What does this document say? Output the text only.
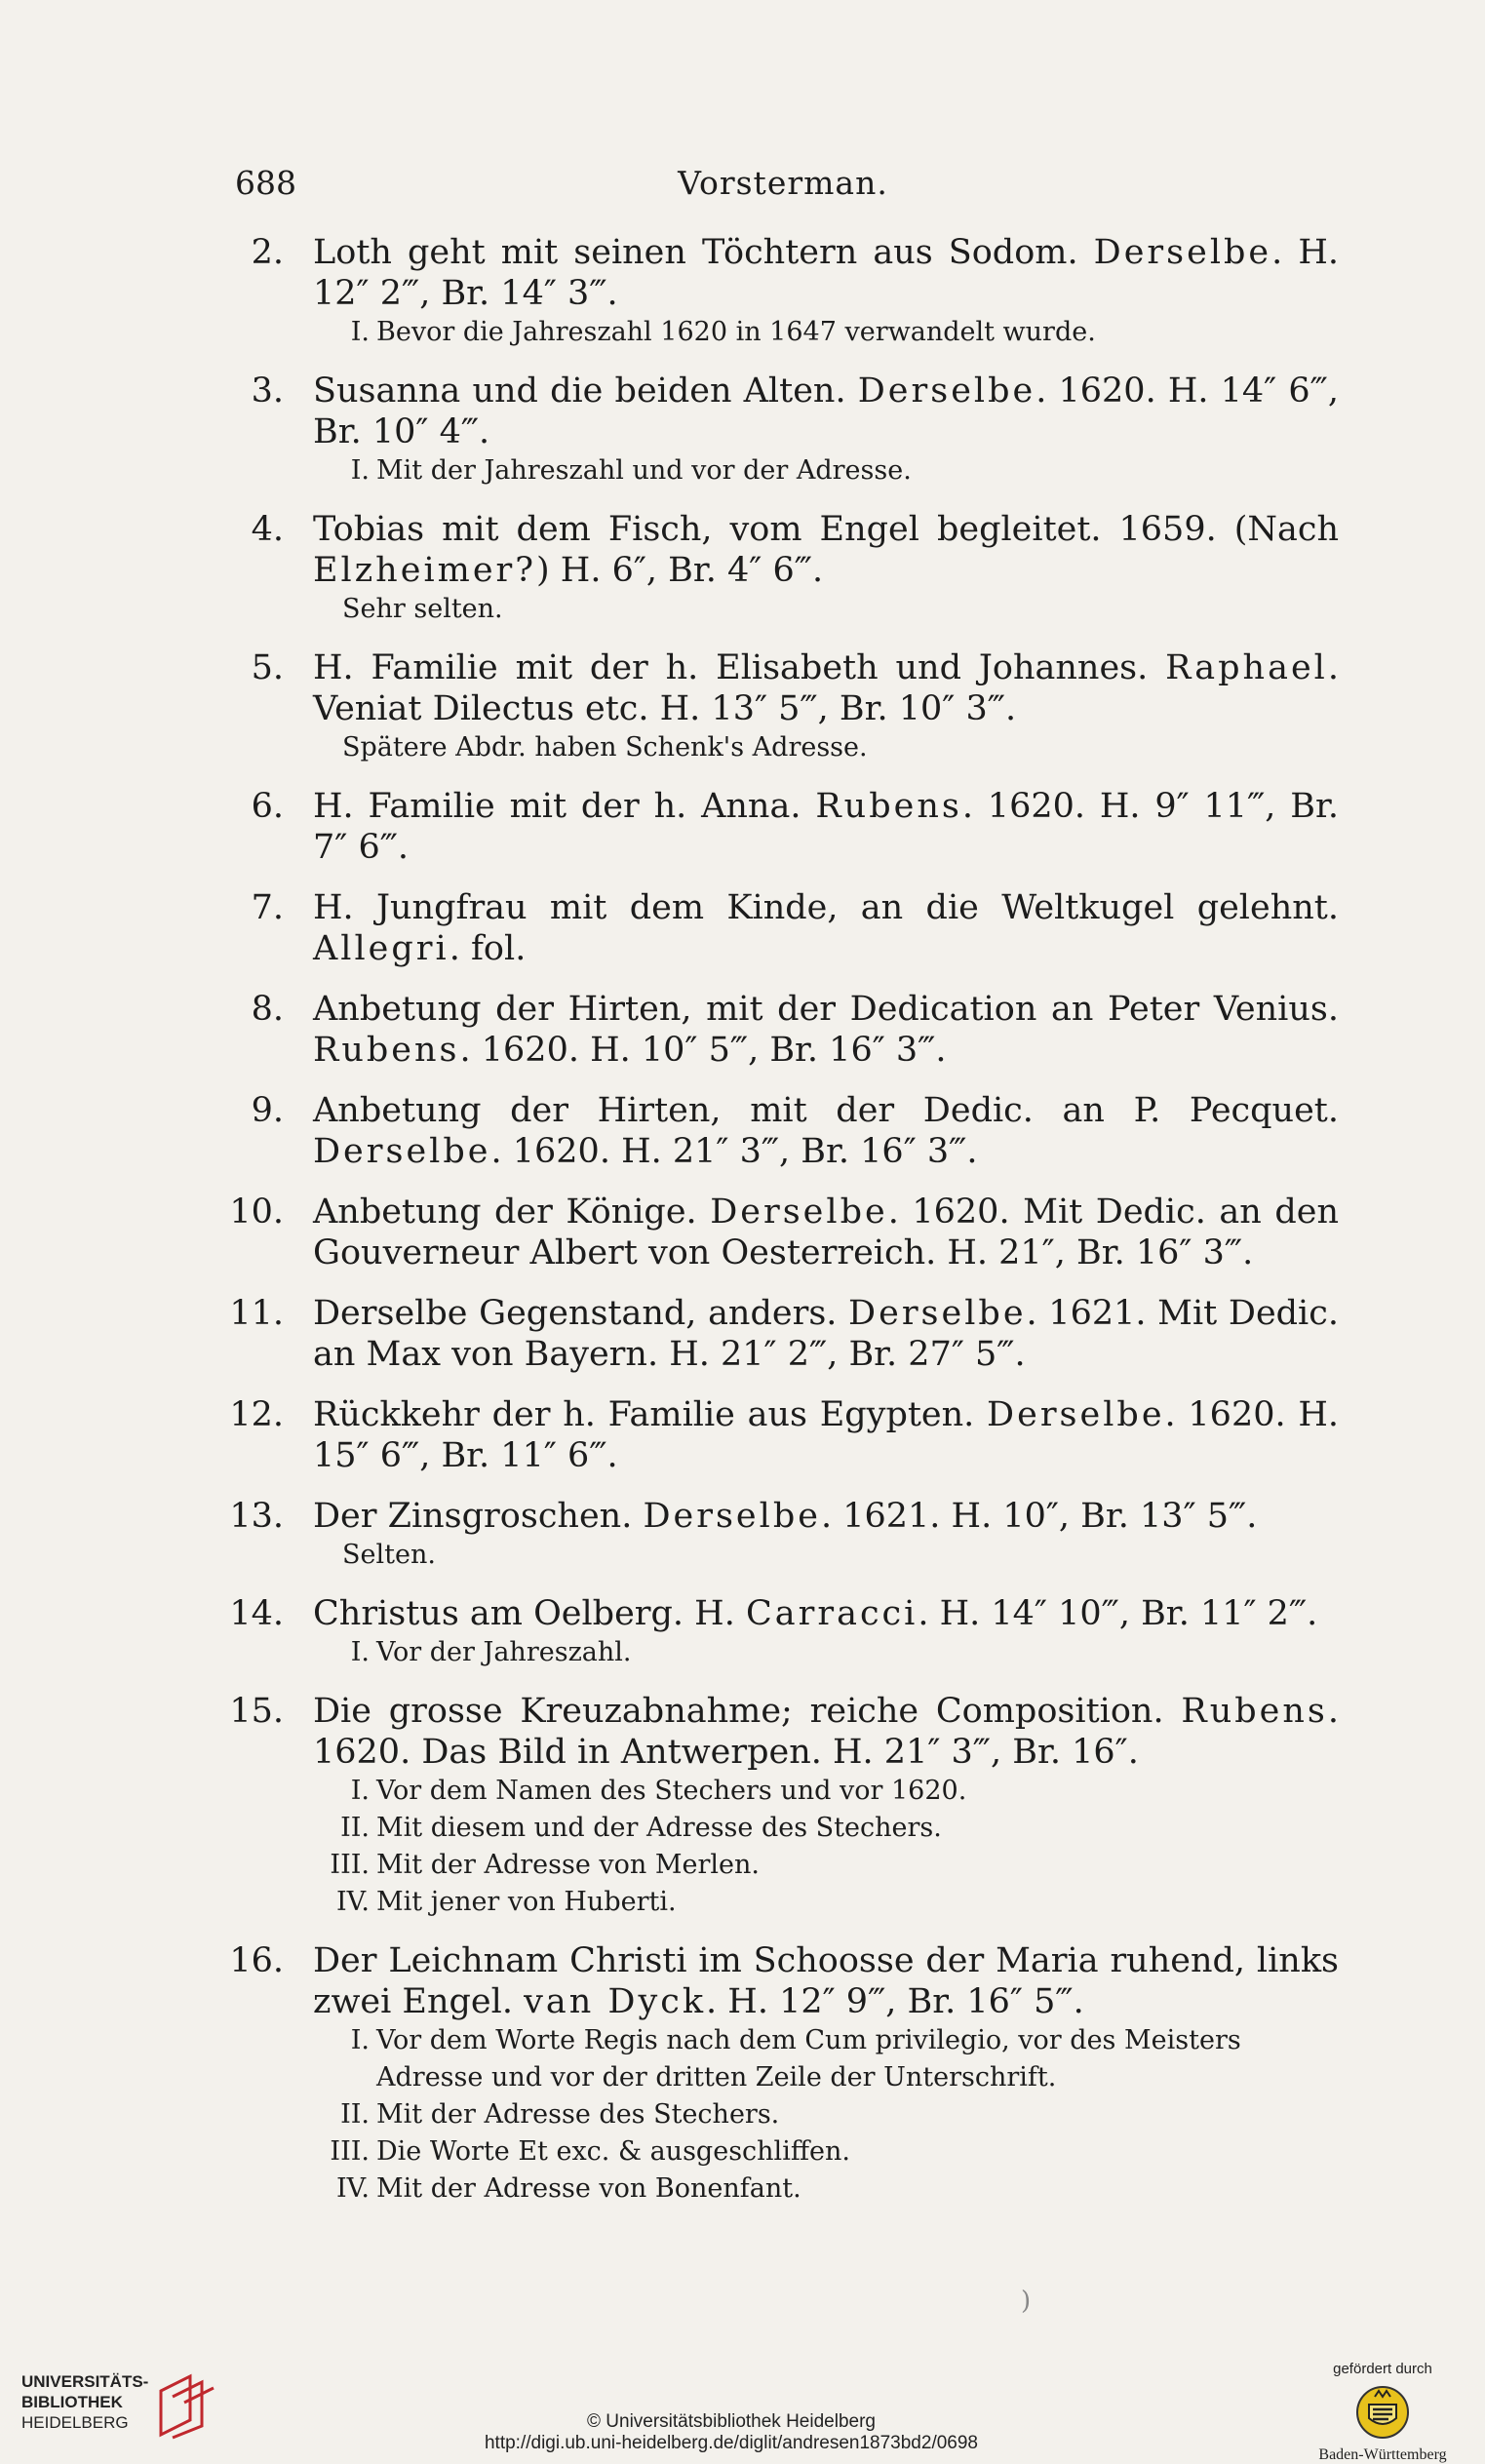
688	Vorsterman.
2. Loth geht mit seinen Töchtern aus Sodom. Derselbe. H. 12″ 2‴, Br. 14″ 3‴.
I. Bevor die Jahreszahl 1620 in 1647 verwandelt wurde.
3. Susanna und die beiden Alten. Derselbe. 1620. H. 14″ 6‴, Br. 10″ 4‴.
I. Mit der Jahreszahl und vor der Adresse.
4. Tobias mit dem Fisch, vom Engel begleitet. 1659. (Nach Elzheimer?) H. 6″, Br. 4″ 6‴.
Sehr selten.
5. H. Familie mit der h. Elisabeth und Johannes. Raphael. Veniat Dilectus etc. H. 13″ 5‴, Br. 10″ 3‴.
Spätere Abdr. haben Schenk's Adresse.
6. H. Familie mit der h. Anna. Rubens. 1620. H. 9″ 11‴, Br. 7″ 6‴.
7. H. Jungfrau mit dem Kinde, an die Weltkugel gelehnt. Allegri. fol.
8. Anbetung der Hirten, mit der Dedication an Peter Venius. Rubens. 1620. H. 10″ 5‴, Br. 16″ 3‴.
9. Anbetung der Hirten, mit der Dedic. an P. Pecquet. Derselbe. 1620. H. 21″ 3‴, Br. 16″ 3‴.
10. Anbetung der Könige. Derselbe. 1620. Mit Dedic. an den Gouverneur Albert von Oesterreich. H. 21″, Br. 16″ 3‴.
11. Derselbe Gegenstand, anders. Derselbe. 1621. Mit Dedic. an Max von Bayern. H. 21″ 2‴, Br. 27″ 5‴.
12. Rückkehr der h. Familie aus Egypten. Derselbe. 1620. H. 15″ 6‴, Br. 11″ 6‴.
13. Der Zinsgroschen. Derselbe. 1621. H. 10″, Br. 13″ 5‴.
Selten.
14. Christus am Oelberg. H. Carracci. H. 14″ 10‴, Br. 11″ 2‴.
I. Vor der Jahreszahl.
15. Die grosse Kreuzabnahme; reiche Composition. Rubens. 1620. Das Bild in Antwerpen. H. 21″ 3‴, Br. 16″.
I. Vor dem Namen des Stechers und vor 1620.
II. Mit diesem und der Adresse des Stechers.
III. Mit der Adresse von Merlen.
IV. Mit jener von Huberti.
16. Der Leichnam Christi im Schoosse der Maria ruhend, links zwei Engel. van Dyck. H. 12″ 9‴, Br. 16″ 5‴.
I. Vor dem Worte Regis nach dem Cum privilegio, vor des Meisters Adresse und vor der dritten Zeile der Unterschrift.
II. Mit der Adresse des Stechers.
III. Die Worte Et exc. & ausgeschliffen.
IV. Mit der Adresse von Bonenfant.
)
UNIVERSITÄTS-
BIBLIOTHEK
HEIDELBERG	© Universitätsbibliothek Heidelberg
http://digi.ub.uni-heidelberg.de/diglit/andresen1873bd2/0698
gefördert durch
Baden-Württemberg
